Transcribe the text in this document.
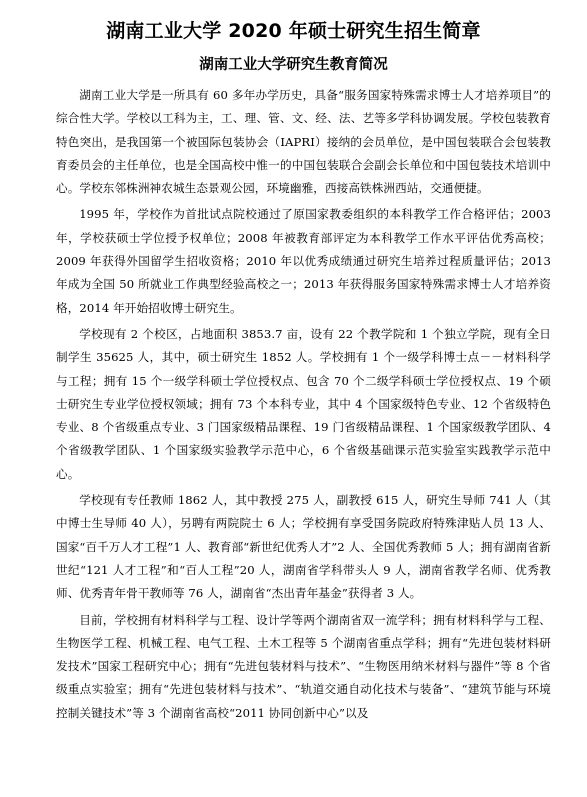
湖南工业大学 2020 年硕士研究生招生简章
湖南工业大学研究生教育简况

湖南工业大学是一所具有 60 多年办学历史，具备“服务国家特殊需求博士人才培养项目”的综合性大学。学校以工科为主，工、理、管、文、经、法、艺等多学科协调发展。学校包装教育特色突出，是我国第一个被国际包装协会（IAPRI）接纳的会员单位，是中国包装联合会包装教育委员会的主任单位，也是全国高校中惟一的中国包装联合会副会长单位和中国包装技术培训中心。学校东邻株洲神农城生态景观公园，环境幽雅，西接高铁株洲西站，交通便捷。

1995 年，学校作为首批试点院校通过了原国家教委组织的本科教学工作合格评估；2003 年，学校获硕士学位授予权单位；2008 年被教育部评定为本科教学工作水平评估优秀高校；2009 年获得外国留学生招收资格；2010 年以优秀成绩通过研究生培养过程质量评估；2013 年成为全国 50 所就业工作典型经验高校之一；2013 年获得服务国家特殊需求博士人才培养资格，2014 年开始招收博士研究生。

学校现有 2 个校区，占地面积 3853.7 亩，设有 22 个教学院和 1 个独立学院，现有全日制学生 35625 人，其中，硕士研究生 1852 人。学校拥有 1 个一级学科博士点－－材料科学与工程；拥有 15 个一级学科硕士学位授权点、包含 70 个二级学科硕士学位授权点、19 个硕士研究生专业学位授权领域；拥有 73 个本科专业，其中 4 个国家级特色专业、12 个省级特色专业、8 个省级重点专业、3 门国家级精品课程、19 门省级精品课程、1 个国家级教学团队、4 个省级教学团队、1 个国家级实验教学示范中心，6 个省级基础课示范实验室实践教学示范中心。

学校现有专任教师 1862 人，其中教授 275 人，副教授 615 人，研究生导师 741 人（其中博士生导师 40 人），另聘有两院院士 6 人；学校拥有享受国务院政府特殊津贴人员 13 人、国家“百千万人才工程”1 人、教育部“新世纪优秀人才”2 人、全国优秀教师 5 人；拥有湖南省新世纪“121 人才工程”和“百人工程”20 人，湖南省学科带头人 9 人，湖南省教学名师、优秀教师、优秀青年骨干教师等 76 人，湖南省“杰出青年基金”获得者 3 人。

目前，学校拥有材料科学与工程、设计学等两个湖南省双一流学科；拥有材料科学与工程、生物医学工程、机械工程、电气工程、土木工程等 5 个湖南省重点学科；拥有“先进包装材料研发技术”国家工程研究中心；拥有“先进包装材料与技术”、“生物医用纳米材料与器件”等 8 个省级重点实验室；拥有“先进包装材料与技术”、“轨道交通自动化技术与装备”、“建筑节能与环境控制关键技术”等 3 个湖南省高校“2011 协同创新中心”以及
